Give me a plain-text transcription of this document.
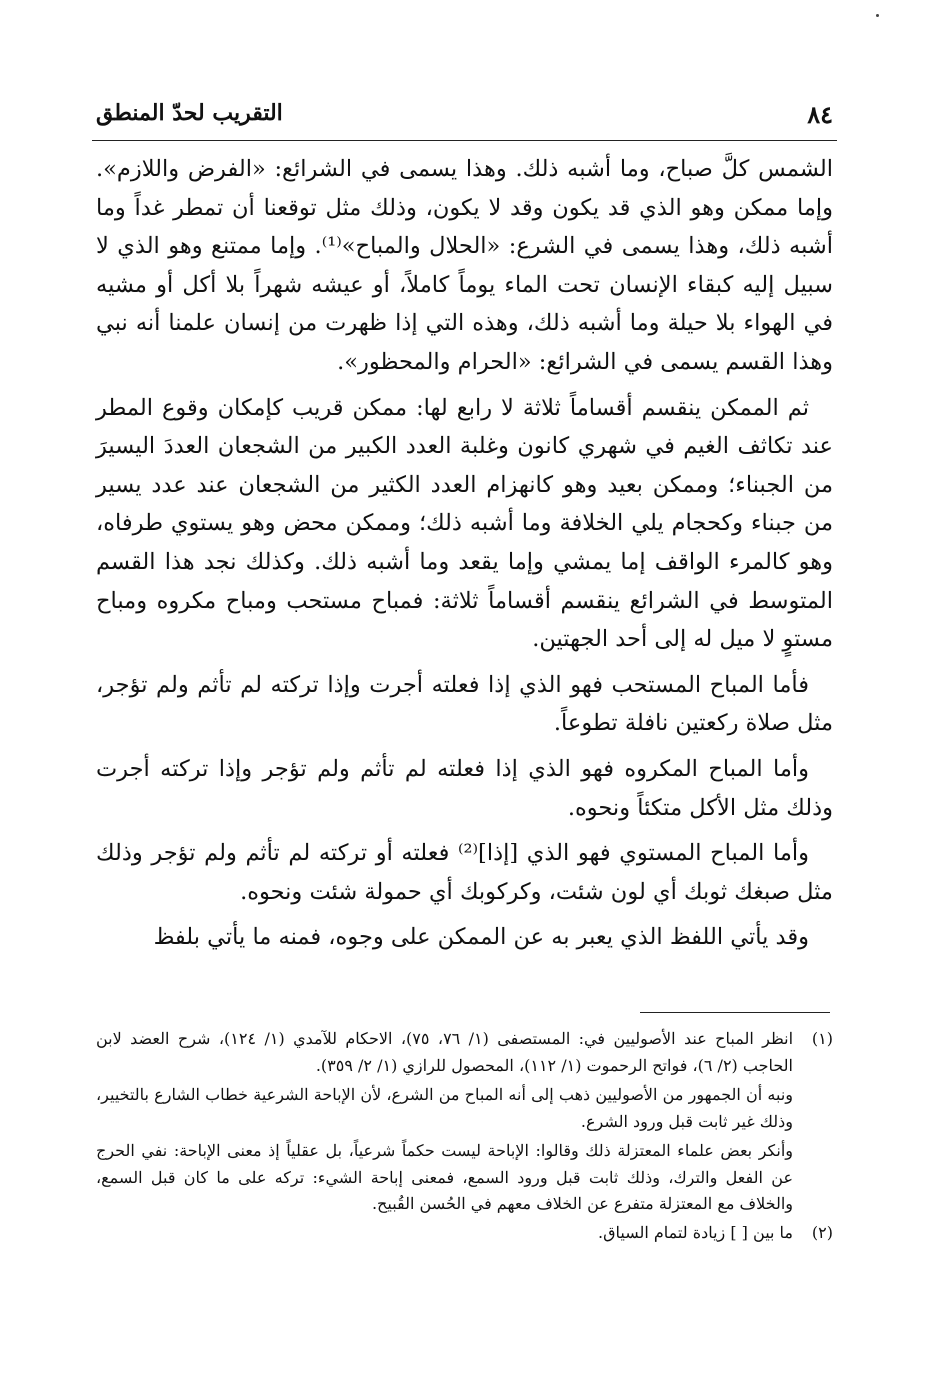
٨٤
التقريب لحدّ المنطق

الشمس كلَّ صباح، وما أشبه ذلك. وهذا يسمى في الشرائع: «الفرض واللازم». وإما ممكن وهو الذي قد يكون وقد لا يكون، وذلك مثل توقعنا أن تمطر غداً وما أشبه ذلك، وهذا يسمى في الشرع: «الحلال والمباح»⁽¹⁾. وإما ممتنع وهو الذي لا سبيل إليه كبقاء الإنسان تحت الماء يوماً كاملاً، أو عيشه شهراً بلا أكل أو مشيه في الهواء بلا حيلة وما أشبه ذلك، وهذه التي إذا ظهرت من إنسان علمنا أنه نبي وهذا القسم يسمى في الشرائع: «الحرام والمحظور».

ثم الممكن ينقسم أقساماً ثلاثة لا رابع لها: ممكن قريب كإمكان وقوع المطر عند تكاثف الغيم في شهري كانون وغلبة العدد الكبير من الشجعان العددَ اليسيرَ من الجبناء؛ وممكن بعيد وهو كانهزام العدد الكثير من الشجعان عند عدد يسير من جبناء وكحجام يلي الخلافة وما أشبه ذلك؛ وممكن محض وهو يستوي طرفاه، وهو كالمرء الواقف إما يمشي وإما يقعد وما أشبه ذلك. وكذلك نجد هذا القسم المتوسط في الشرائع ينقسم أقساماً ثلاثة: فمباح مستحب ومباح مكروه ومباح مستوٍ لا ميل له إلى أحد الجهتين.

فأما المباح المستحب فهو الذي إذا فعلته أجرت وإذا تركته لم تأثم ولم تؤجر، مثل صلاة ركعتين نافلة تطوعاً.

وأما المباح المكروه فهو الذي إذا فعلته لم تأثم ولم تؤجر وإذا تركته أجرت وذلك مثل الأكل متكئاً ونحوه.

وأما المباح المستوي فهو الذي [إذا]⁽²⁾ فعلته أو تركته لم تأثم ولم تؤجر وذلك مثل صبغك ثوبك أي لون شئت، وكركوبك أي حمولة شئت ونحوه.

وقد يأتي اللفظ الذي يعبر به عن الممكن على وجوه، فمنه ما يأتي بلفظ

(١)

انظر المباح عند الأصوليين في: المستصفى (١/ ٧٦، ٧٥)، الاحكام للآمدي (١/ ١٢٤)، شرح العضد لابن الحاجب (٢/ ٦)، فواتح الرحموت (١/ ١١٢)، المحصول للرازي (١/ ٢/ ٣٥٩).

ونبه أن الجمهور من الأصوليين ذهب إلى أنه المباح من الشرع، لأن الإباحة الشرعية خطاب الشارع بالتخيير، وذلك غير ثابت قبل ورود الشرع.

وأنكر بعض علماء المعتزلة ذلك وقالوا: الإباحة ليست حكماً شرعياً، بل عقلياً إذ معنى الإباحة: نفي الحرج عن الفعل والترك، وذلك ثابت قبل ورود السمع، فمعنى إباحة الشيء: تركه على ما كان قبل السمع، والخلاف مع المعتزلة متفرع عن الخلاف معهم في الحُسن القُبيح.

(٢)

ما بين [ ] زيادة لتمام السياق.
